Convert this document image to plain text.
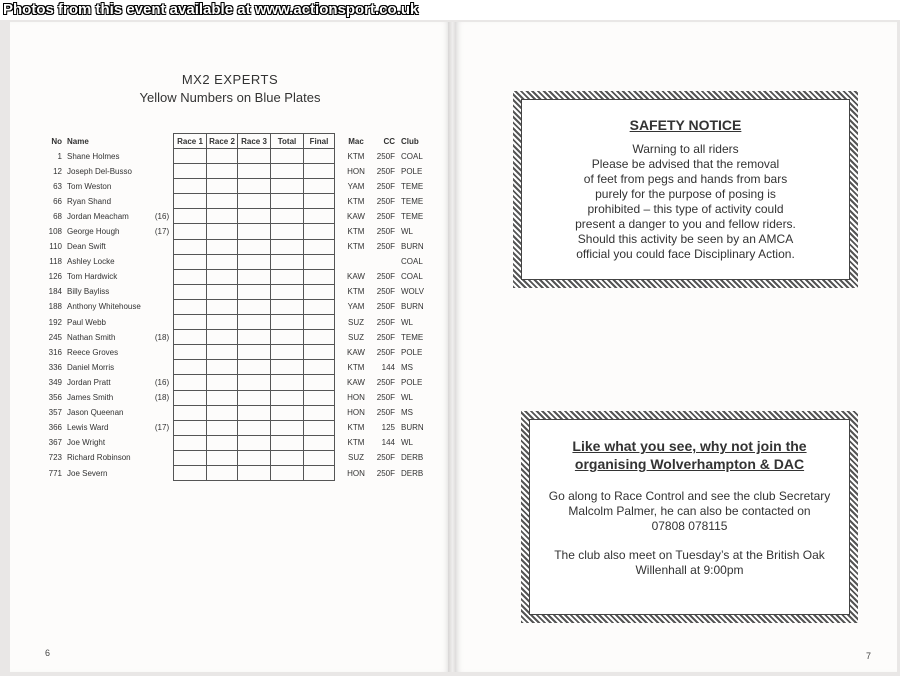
Photos from this event available at www.actionsport.co.uk
MX2 EXPERTS
Yellow Numbers on Blue Plates
No	Name		Race 1	Race 2	Race 3	Total	Final	Mac	CC	Club
1	Shane Holmes							KTM	250F	COAL
12	Joseph Del-Busso							HON	250F	POLE
63	Tom Weston							YAM	250F	TEME
66	Ryan Shand							KTM	250F	TEME
68	Jordan Meacham	(16)						KAW	250F	TEME
108	George Hough	(17)						KTM	250F	WL
110	Dean Swift							KTM	250F	BURN
118	Ashley Locke									COAL
126	Tom Hardwick							KAW	250F	COAL
184	Billy Bayliss							KTM	250F	WOLV
188	Anthony Whitehouse							YAM	250F	BURN
192	Paul Webb							SUZ	250F	WL
245	Nathan Smith	(18)						SUZ	250F	TEME
316	Reece Groves							KAW	250F	POLE
336	Daniel Morris							KTM	144	MS
349	Jordan Pratt	(16)						KAW	250F	POLE
356	James Smith	(18)						HON	250F	WL
357	Jason Queenan							HON	250F	MS
366	Lewis Ward	(17)						KTM	125	BURN
367	Joe Wright							KTM	144	WL
723	Richard Robinson							SUZ	250F	DERB
771	Joe Severn							HON	250F	DERB
6	7
SAFETY NOTICE
Warning to all riders
Please be advised that the removal
of feet from pegs and hands from bars
purely for the purpose of posing is
prohibited – this type of activity could
present a danger to you and fellow riders.
Should this activity be seen by an AMCA
official you could face Disciplinary Action.
Like what you see, why not join the
organising Wolverhampton & DAC
Go along to Race Control and see the club Secretary
Malcolm Palmer, he can also be contacted on
07808 078115
The club also meet on Tuesday’s at the British Oak
Willenhall at 9:00pm
